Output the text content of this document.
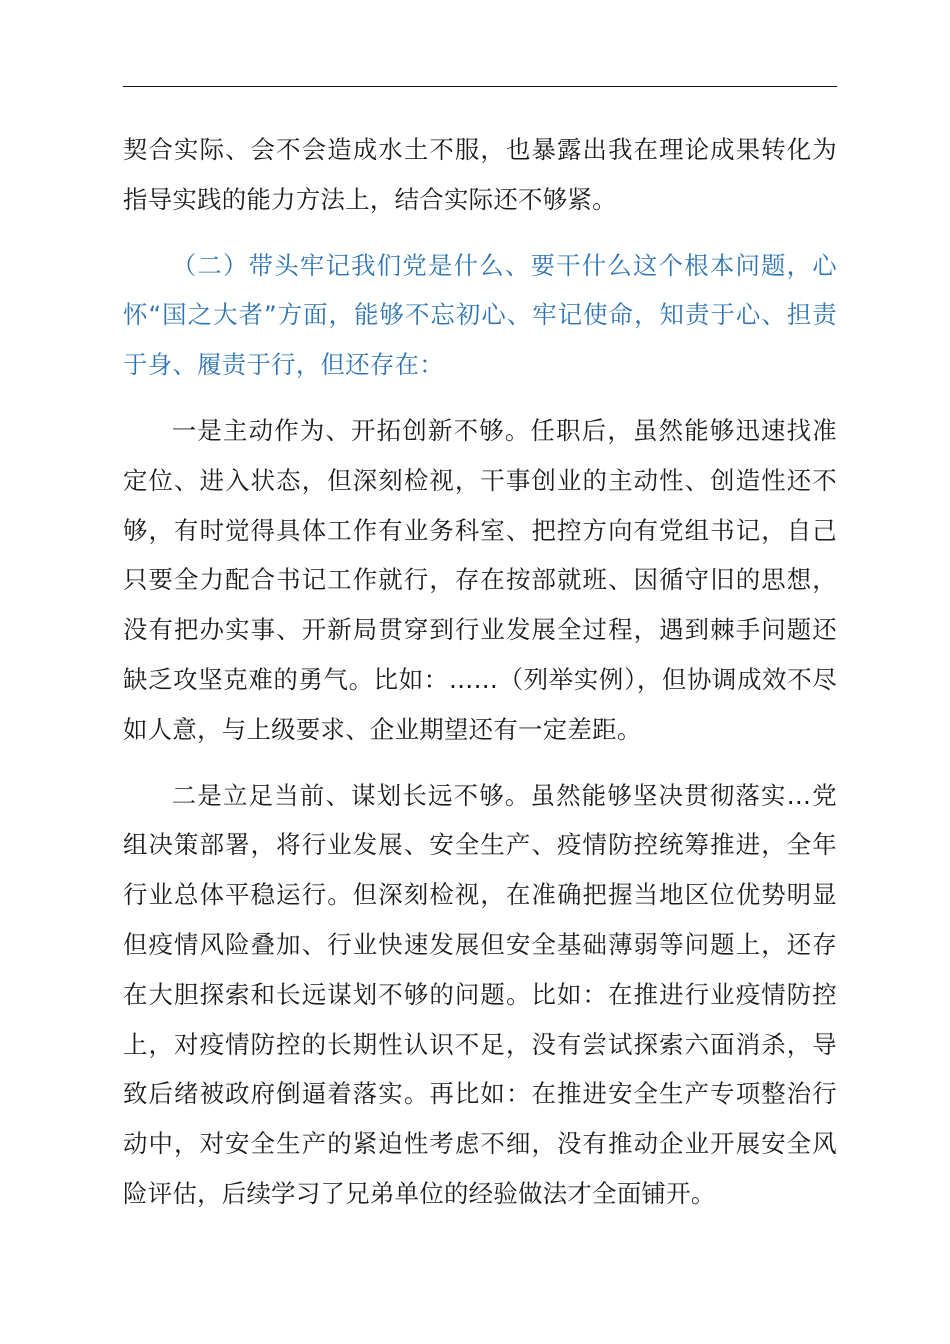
契合实际、会不会造成水土不服，也暴露出我在理论成果转化为指导实践的能力方法上，结合实际还不够紧。

（二）带头牢记我们党是什么、要干什么这个根本问题，心怀“国之大者”方面，能够不忘初心、牢记使命，知责于心、担责于身、履责于行，但还存在：

一是主动作为、开拓创新不够。任职后，虽然能够迅速找准定位、进入状态，但深刻检视，干事创业的主动性、创造性还不够，有时觉得具体工作有业务科室、把控方向有党组书记，自己只要全力配合书记工作就行，存在按部就班、因循守旧的思想，没有把办实事、开新局贯穿到行业发展全过程，遇到棘手问题还缺乏攻坚克难的勇气。比如：……（列举实例），但协调成效不尽如人意，与上级要求、企业期望还有一定差距。

二是立足当前、谋划长远不够。虽然能够坚决贯彻落实…党组决策部署，将行业发展、安全生产、疫情防控统筹推进，全年行业总体平稳运行。但深刻检视，在准确把握当地区位优势明显但疫情风险叠加、行业快速发展但安全基础薄弱等问题上，还存在大胆探索和长远谋划不够的问题。比如：在推进行业疫情防控上，对疫情防控的长期性认识不足，没有尝试探索六面消杀，导致后绪被政府倒逼着落实。再比如：在推进安全生产专项整治行动中，对安全生产的紧迫性考虑不细，没有推动企业开展安全风险评估，后续学习了兄弟单位的经验做法才全面铺开。
